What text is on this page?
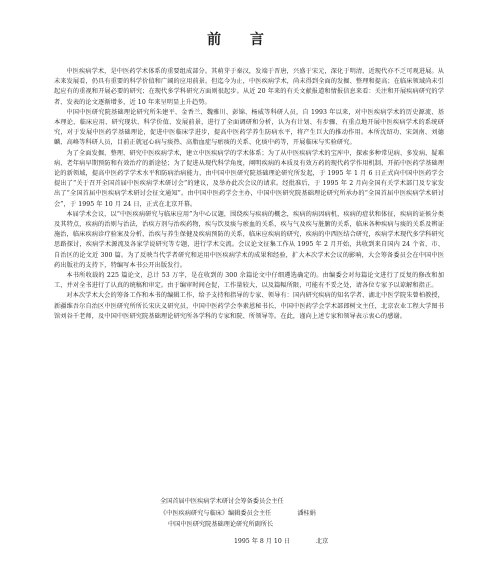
前 言

中医疾病学术，是中医药学术体系的重要组成部分。其萌芽于秦汉，发端于晋唐，兴盛于宋元，深化于明清，近现代亦不乏可观进展。从未来发展看，仍具有重要的科学价值和广阔的应用前景。但迄今为止，中医疾病学术，尚未得到全面的发掘、整理和提高；在临床领域尚未引起应有的重视和开展必要的研究；在现代多学科研究方面则很起步。从近 20 年来的有关文献报道和情报信息来看：关注和开展疾病研究的学者、发表的论文逐渐增多，近 10 年来呈明显上升趋势。

中国中医研究院基础理论研究所朱建平、金香兰、魏雅川、彭锦、杨威等科研人员，自 1993 年以来，对中医疾病学术的历史源流、基本理论、临床应用、研究现状、科学价值、发展前景，进行了全面调研和分析，认为有计划、有步骤、有重点地开展中医疾病学术的系统研究，对于发展中医药学基础理论，促进中医临床学进步，提高中医药学养生防病水平，将产生巨大的推动作用。本所沈绍功、宋剑南、刘德麟、高峰等科研人员，目前正就冠心病与痰热、高脂血症与瘀痰的关系、化痰中药等，开展临床与实验研究。

为了全面发掘、整理、研究中医疾病学术，建立中医疾病学的学术体系；为了从中医疾病学术的宝库中，探索多种常见病、多发病、疑难病、老年病早期预防和有效治疗的新途径；为了促进从现代科学角度，阐明疾病的本质及有效方药的现代药学作用机制，开拓中医药学基础理论的新领域，提高中医药学学术水平和防病治病能力，由中国中医研究院基础理论研究所发起，于 1995 年 1 月 6 日正式向中国中医药学会提出了“关于召开全国首届中医疾病学术研讨会”的建议，及举办此次会议的请求。经批准后，于 1995 年 2 月向全国有关学术部门及专家发出了“全国首届中医疾病学术研讨会征文通知”。由中国中医药学会主办，中国中医研究院基础理论研究所承办的“全国首届中医疾病学术研讨会”，于 1995 年 10 月 24 日，正式在北京开幕。

本届学术会议，以“中医疾病研究与临床应用”为中心议题，围绕疾与疾病的概念，疾病的病因病机，疾病的症状和体征，疾病的证候分类及其特点，疾病的治则与治法，治疾方剂与治疾药物，疾与饮及痰与瘀血的关系，疾与气及疾与脏腑的关系，临床各种疾病与痰的关系及辨证施治，临床疾病诊疗验案及分析，治疾与养生保健及疾病预防的关系，临床应疾病的研究，疾病的中西医结合研究，疾病学术现代多学科研究思路探讨，疾病学术源流及各家学说研究等专题，进行学术交流。会议论文征集工作从 1995 年 2 月开始，共收到来自国内 24 个省、市、自治区的论文近 300 篇。为了反映当代学者研究和运用中医疾病学术的成果和经验，扩大本次学术会议的影响，大会筹备委员会在中国中医药出版社的支持下，特编写本书公开出版发行。

本书所收载的 225 篇论文，总计 53 万字，是在收到的 300 余篇论文中仔细遴选确定的。由编委会对每篇论文进行了反复的修改和加工，并对全书进行了认真的统稿和审定。由于编审时间仓促，工作量较大，以及篇幅所限，可能有不妥之处，请各位专家予以谅解和指正。

对本次学术大会的筹备工作和本书的编辑工作，给予支持和指导的专家、领导有：国内研究疾病的知名学者、湖北中医学院朱曾柏教授，新疆维吾尔自治区中医研究所所长宋庆义研究员，中国中医药学会李素恩秘书长，中国中医药学会学术部郎树文主任，北京农业工程大学图书馆刘谷千老师，及中国中医研究院基础理论研究所各学科的专家和院、所领导等。在此，谨向上述专家和领导表示衷心的感谢。

全国首届中医疾病学术研讨会筹备委员会主任
《中医疾病研究与临床》编辑委员会主任	潘桂娟
中国中医研究院基础理论研究所副所长
1995 年 8 月 10 日	北京
